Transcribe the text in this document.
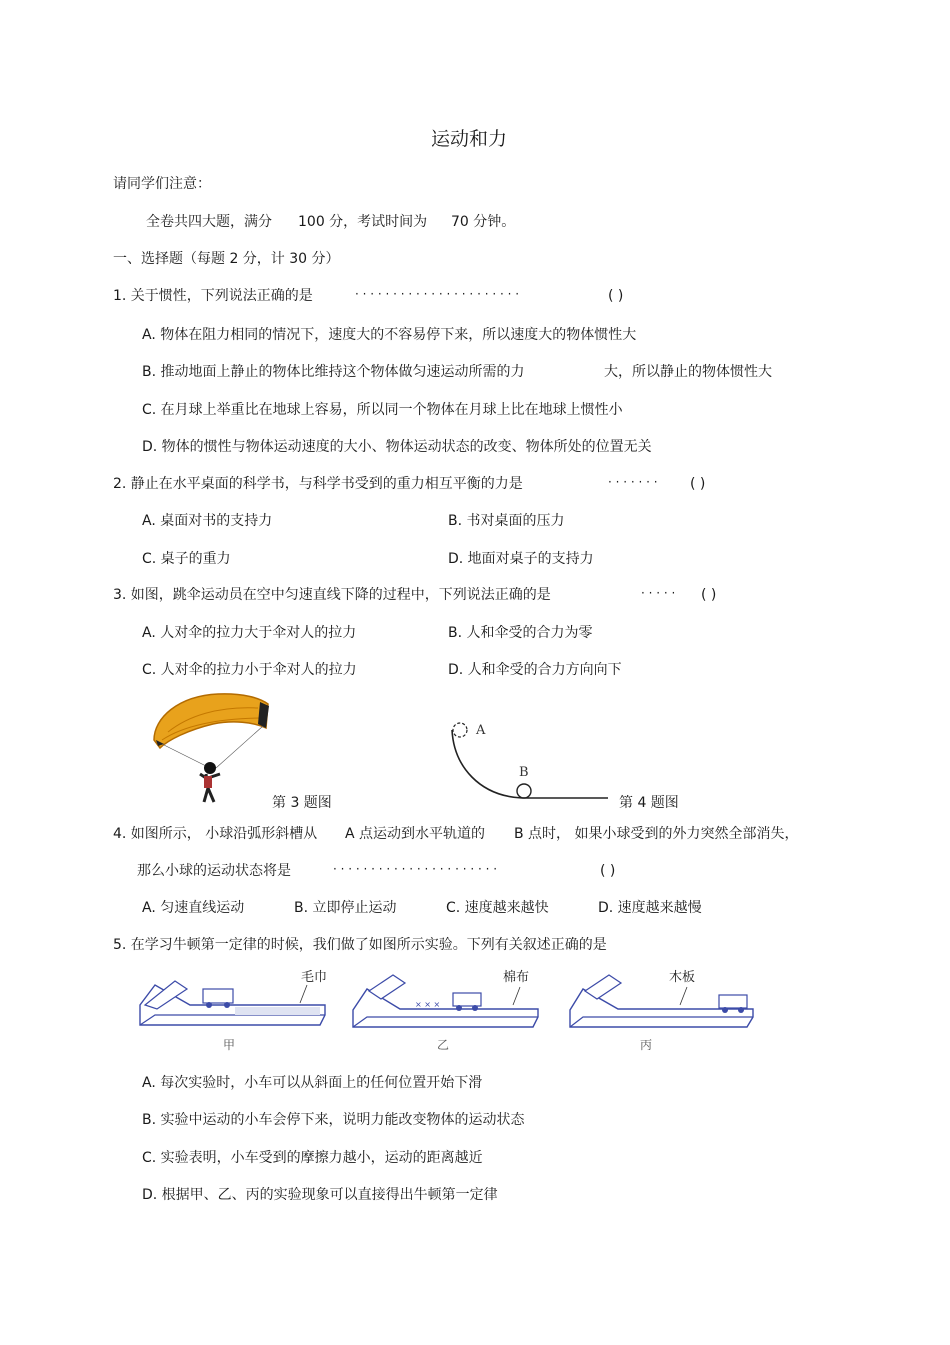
运动和力
请同学们注意：
全卷共四大题，满分 100 分，考试时间为 70 分钟。
一、选择题（每题 2 分，计 30 分）
1. 关于惯性，下列说法正确的是	· · · · · · · · · · · · · · · · · · · · · ·	( )
A. 物体在阻力相同的情况下，速度大的不容易停下来，所以速度大的物体惯性大
B. 推动地面上静止的物体比维持这个物体做匀速运动所需的力	大，所以静止的物体惯性大
C. 在月球上举重比在地球上容易，所以同一个物体在月球上比在地球上惯性小
D. 物体的惯性与物体运动速度的大小、物体运动状态的改变、物体所处的位置无关
2. 静止在水平桌面的科学书，与科学书受到的重力相互平衡的力是	· · · · · · · ( )
A. 桌面对书的支持力	B. 书对桌面的压力
C. 桌子的重力	D. 地面对桌子的支持力
3. 如图，跳伞运动员在空中匀速直线下降的过程中，下列说法正确的是	· · · · · ( )
A. 人对伞的拉力大于伞对人的拉力	B. 人和伞受的合力为零
C. 人对伞的拉力小于伞对人的拉力	D. 人和伞受的合力方向向下
第 3 题图
A
B
第 4 题图
4. 如图所示， 小球沿弧形斜槽从 A 点运动到水平轨道的 B 点时， 如果小球受到的外力突然全部消失，
那么小球的运动状态将是	· · · · · · · · · · · · · · · · · · · · · ·	( )
A. 匀速直线运动	B. 立即停止运动	C. 速度越来越快	D. 速度越来越慢
5. 在学习牛顿第一定律的时候，我们做了如图所示实验。下列有关叙述正确的是
毛巾
甲
× × ×
棉布
乙
木板
丙
A. 每次实验时，小车可以从斜面上的任何位置开始下滑
B. 实验中运动的小车会停下来，说明力能改变物体的运动状态
C. 实验表明，小车受到的摩擦力越小，运动的距离越近
D. 根据甲、乙、丙的实验现象可以直接得出牛顿第一定律
